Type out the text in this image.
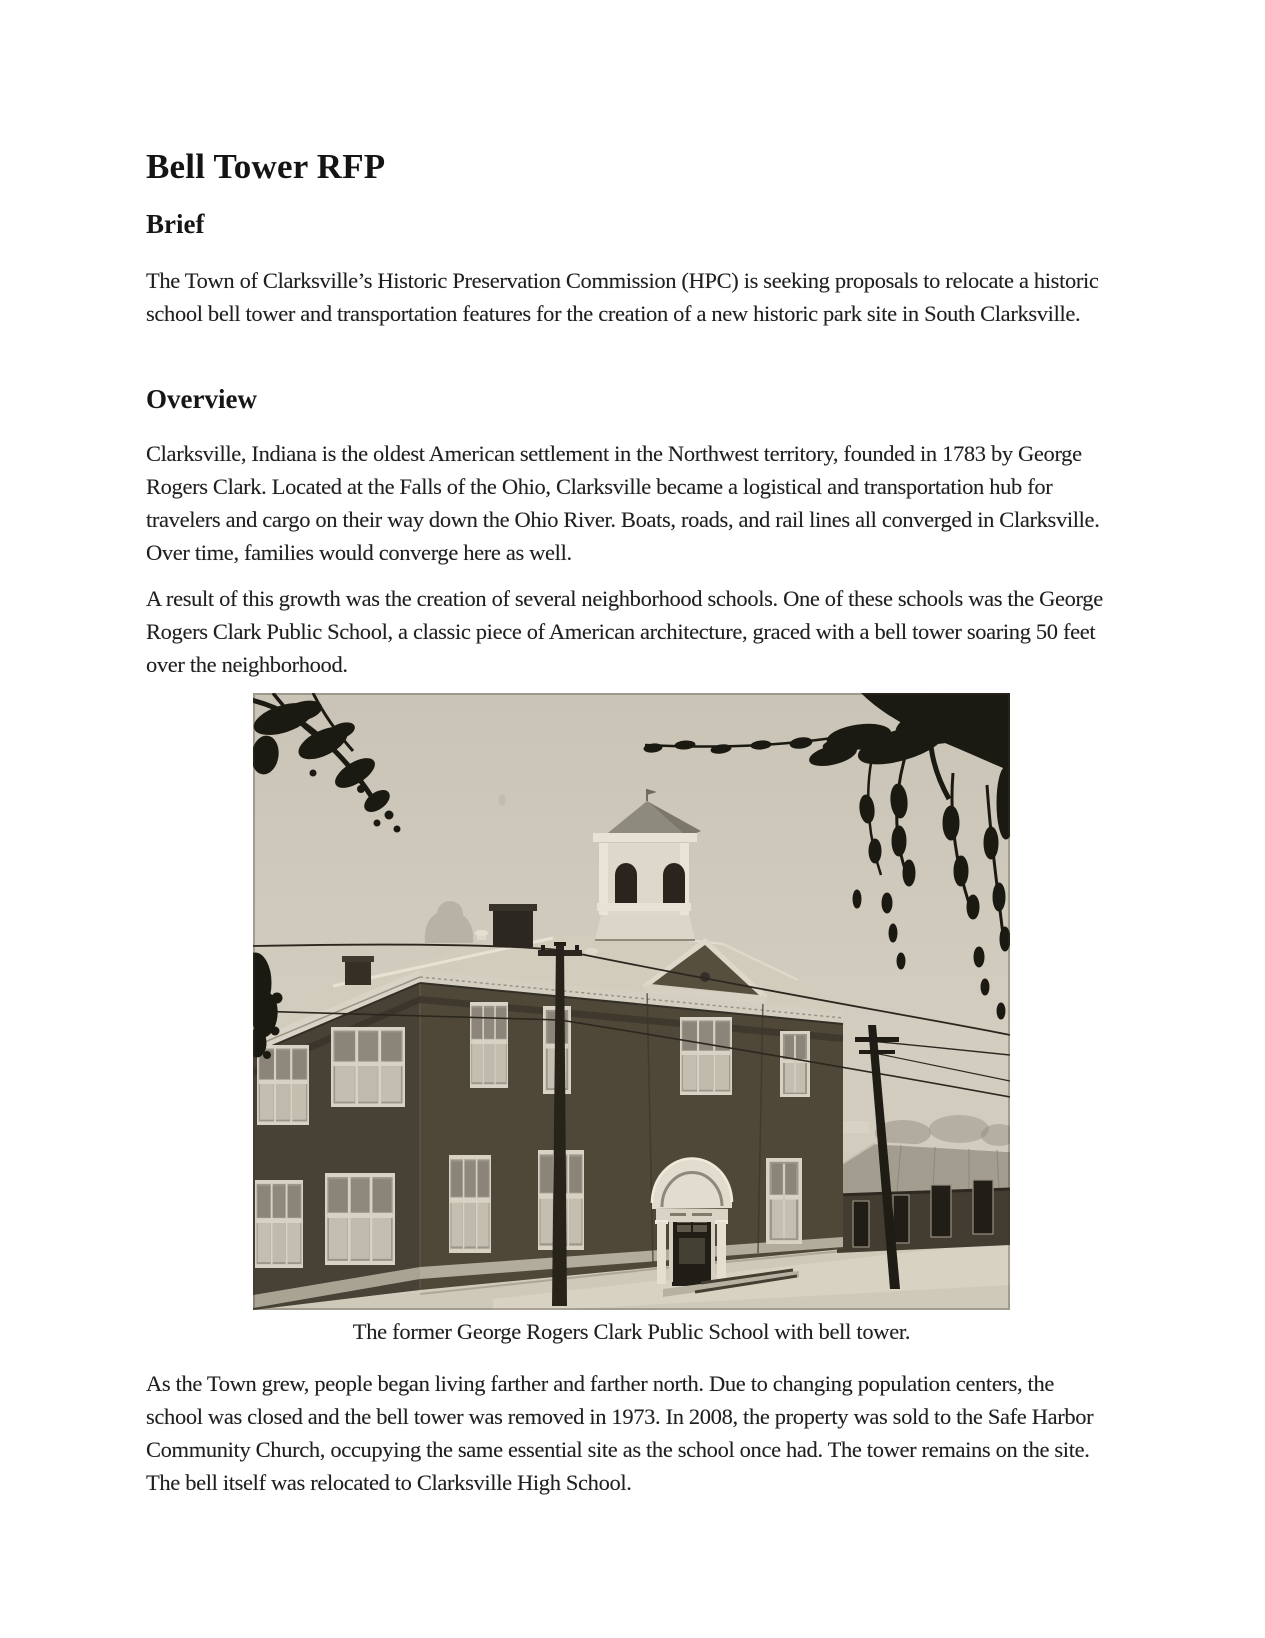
Bell Tower RFP
Brief

The Town of Clarksville’s Historic Preservation Commission (HPC) is seeking proposals to relocate a historic school bell tower and transportation features for the creation of a new historic park site in South Clarksville.

Overview

Clarksville, Indiana is the oldest American settlement in the Northwest territory, founded in 1783 by George Rogers Clark. Located at the Falls of the Ohio, Clarksville became a logistical and transportation hub for travelers and cargo on their way down the Ohio River. Boats, roads, and rail lines all converged in Clarksville. Over time, families would converge here as well.

A result of this growth was the creation of several neighborhood schools. One of these schools was the George Rogers Clark Public School, a classic piece of American architecture, graced with a bell tower soaring 50 feet over the neighborhood.

The former George Rogers Clark Public School with bell tower.

As the Town grew, people began living farther and farther north. Due to changing population centers, the school was closed and the bell tower was removed in 1973. In 2008, the property was sold to the Safe Harbor Community Church, occupying the same essential site as the school once had. The tower remains on the site. The bell itself was relocated to Clarksville High School.
